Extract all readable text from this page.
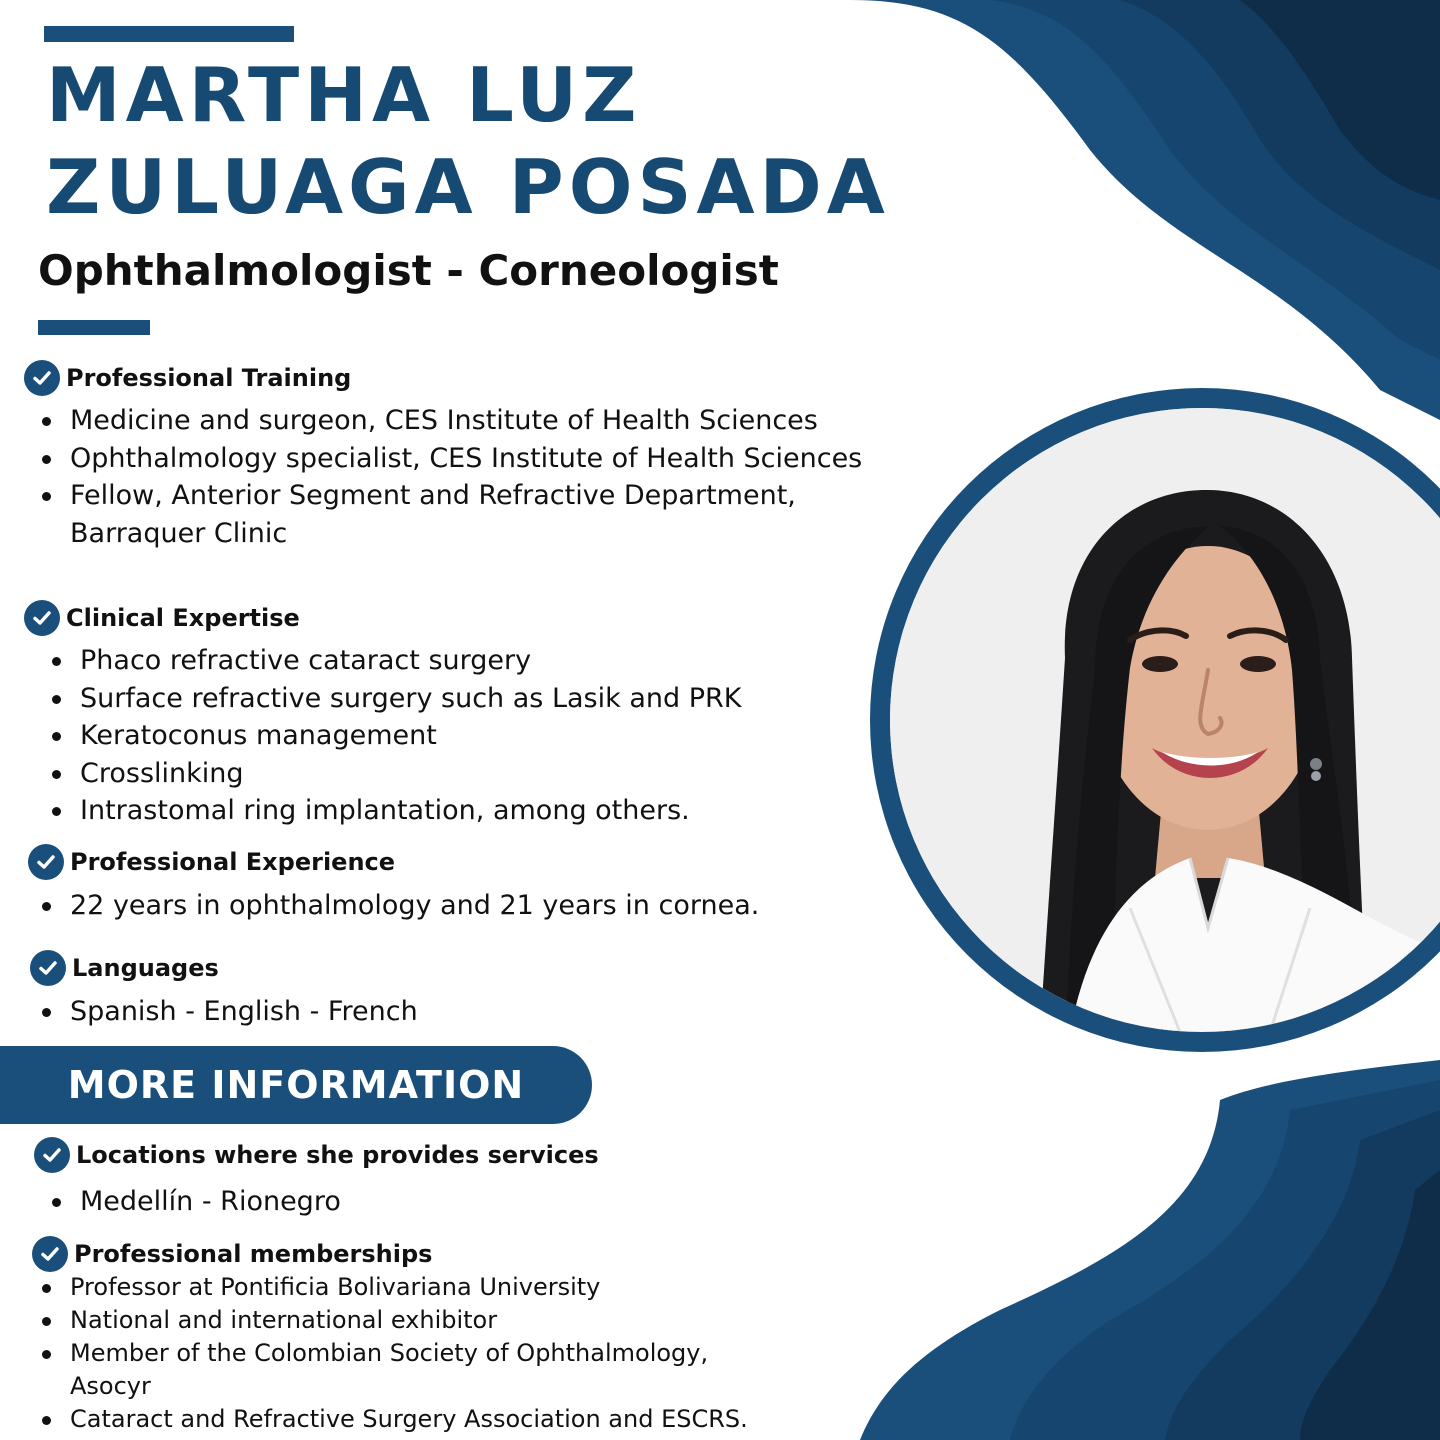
MARTHA LUZ
ZULUAGA POSADA
Ophthalmologist - Corneologist
Professional Training
Medicine and surgeon, CES Institute of Health Sciences
Ophthalmology specialist, CES Institute of Health Sciences
Fellow, Anterior Segment and Refractive Department,
Barraquer Clinic
Clinical Expertise
Phaco refractive cataract surgery
Surface refractive surgery such as Lasik and PRK
Keratoconus management
Crosslinking
Intrastomal ring implantation, among others.
Professional Experience
22 years in ophthalmology and 21 years in cornea.
Languages
Spanish - English - French
MORE INFORMATION
Locations where she provides services
Medellín - Rionegro
Professional memberships
Professor at Pontificia Bolivariana University
National and international exhibitor
Member of the Colombian Society of Ophthalmology,
Asocyr
Cataract and Refractive Surgery Association and ESCRS.
